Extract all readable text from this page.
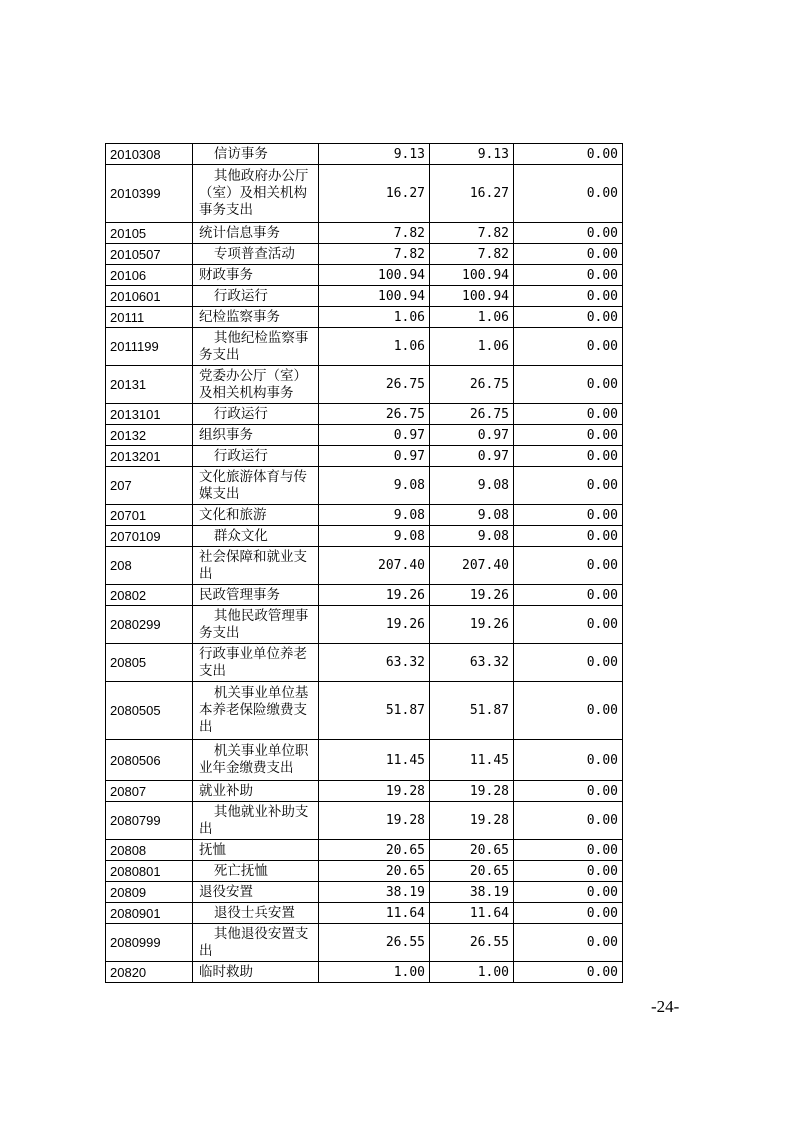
2010308	信访事务	9.13	9.13	0.00
2010399	其他政府办公厅（室）及相关机构事务支出	16.27	16.27	0.00
20105	统计信息事务	7.82	7.82	0.00
2010507	专项普查活动	7.82	7.82	0.00
20106	财政事务	100.94	100.94	0.00
2010601	行政运行	100.94	100.94	0.00
20111	纪检监察事务	1.06	1.06	0.00
2011199	其他纪检监察事务支出	1.06	1.06	0.00
20131	党委办公厅（室）及相关机构事务	26.75	26.75	0.00
2013101	行政运行	26.75	26.75	0.00
20132	组织事务	0.97	0.97	0.00
2013201	行政运行	0.97	0.97	0.00
207	文化旅游体育与传媒支出	9.08	9.08	0.00
20701	文化和旅游	9.08	9.08	0.00
2070109	群众文化	9.08	9.08	0.00
208	社会保障和就业支出	207.40	207.40	0.00
20802	民政管理事务	19.26	19.26	0.00
2080299	其他民政管理事务支出	19.26	19.26	0.00
20805	行政事业单位养老支出	63.32	63.32	0.00
2080505	机关事业单位基本养老保险缴费支出	51.87	51.87	0.00
2080506	机关事业单位职业年金缴费支出	11.45	11.45	0.00
20807	就业补助	19.28	19.28	0.00
2080799	其他就业补助支出	19.28	19.28	0.00
20808	抚恤	20.65	20.65	0.00
2080801	死亡抚恤	20.65	20.65	0.00
20809	退役安置	38.19	38.19	0.00
2080901	退役士兵安置	11.64	11.64	0.00
2080999	其他退役安置支出	26.55	26.55	0.00
20820	临时救助	1.00	1.00	0.00
-24-
